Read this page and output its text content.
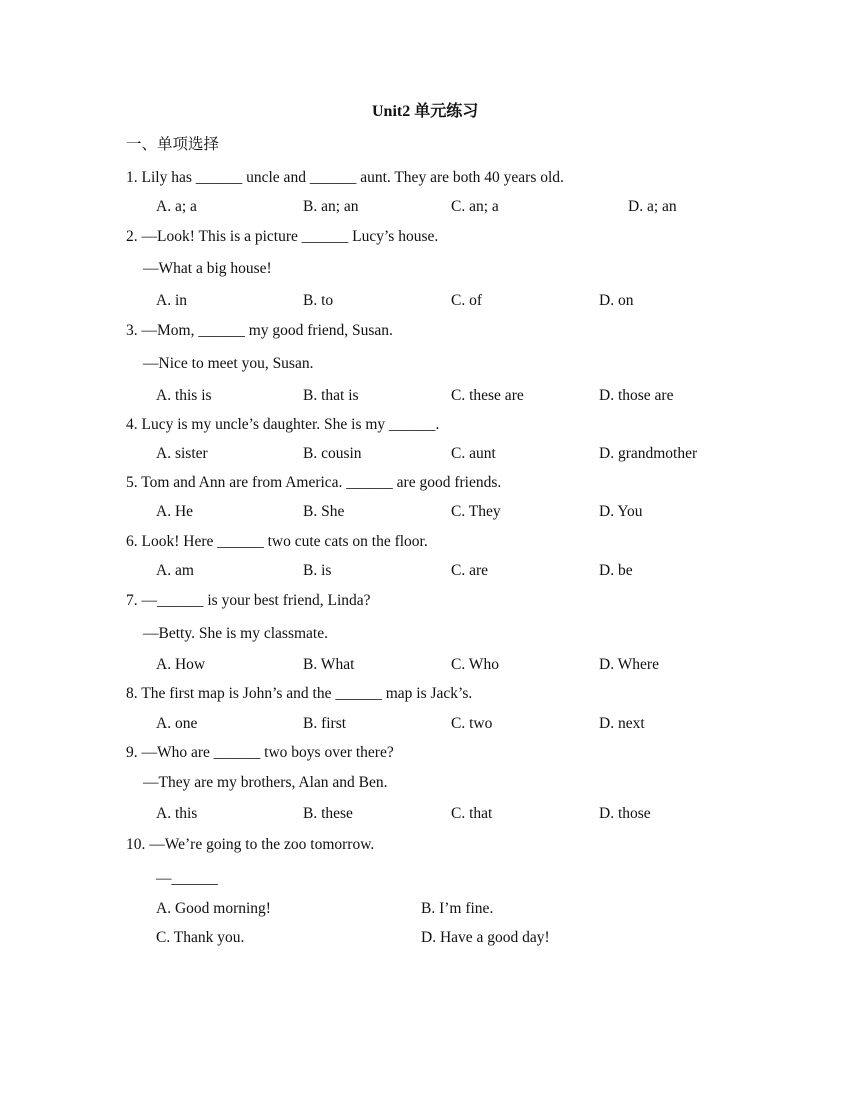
Unit2 单元练习
一、单项选择
1. Lily has ______ uncle and ______ aunt. They are both 40 years old.
A. a; a	B. an; an	C. an; a	D. a; an
2. —Look! This is a picture ______ Lucy’s house.
—What a big house!
A. in	B. to	C. of	D. on
3. —Mom, ______ my good friend, Susan.
—Nice to meet you, Susan.
A. this is	B. that is	C. these are	D. those are
4. Lucy is my uncle’s daughter. She is my ______.
A. sister	B. cousin	C. aunt	D. grandmother
5. Tom and Ann are from America. ______ are good friends.
A. He	B. She	C. They	D. You
6. Look! Here ______ two cute cats on the floor.
A. am	B. is	C. are	D. be
7. —______ is your best friend, Linda?
—Betty. She is my classmate.
A. How	B. What	C. Who	D. Where
8. The first map is John’s and the ______ map is Jack’s.
A. one	B. first	C. two	D. next
9. —Who are ______ two boys over there?
—They are my brothers, Alan and Ben.
A. this	B. these	C. that	D. those
10. —We’re going to the zoo tomorrow.
—______
A. Good morning!	B. I’m fine.
C. Thank you.	D. Have a good day!
